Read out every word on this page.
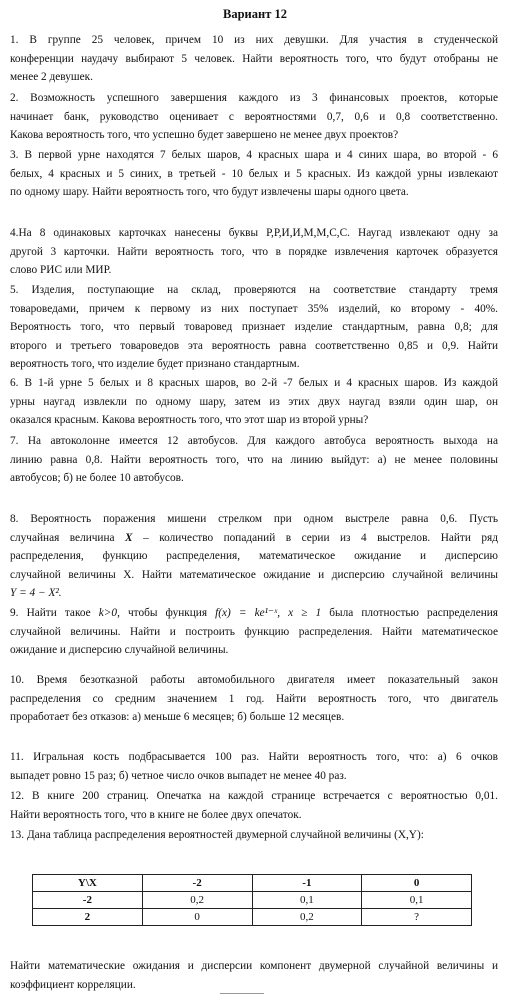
Вариант 12
1. В группе 25 человек, причем 10 из них девушки. Для участия в студенческой
конференции наудачу выбирают 5 человек. Найти вероятность того, что будут отобраны не
менее 2 девушек.
2. Возможность успешного завершения каждого из 3 финансовых проектов, которые
начинает банк, руководство оценивает с вероятностями 0,7, 0,6 и 0,8 соответственно.
Какова вероятность того, что успешно будет завершено не менее двух проектов?
3. В первой урне находятся 7 белых шаров, 4 красных шара и 4 синих шара, во второй - 6
белых, 4 красных и 5 синих, в третьей - 10 белых и 5 красных. Из каждой урны извлекают
по одному шару. Найти вероятность того, что будут извлечены шары одного цвета.
4.На 8 одинаковых карточках нанесены буквы Р,Р,И,И,М,М,С,С. Наугад извлекают одну за
другой 3 карточки. Найти вероятность того, что в порядке извлечения карточек образуется
слово РИС или МИР.
5. Изделия, поступающие на склад, проверяются на соответствие стандарту тремя
товароведами, причем к первому из них поступает 35% изделий, ко второму - 40%.
Вероятность того, что первый товаровед признает изделие стандартным, равна 0,8; для
второго и третьего товароведов эта вероятность равна соответственно 0,85 и 0,9. Найти
вероятность того, что изделие будет признано стандартным.
6. В 1-й урне 5 белых и 8 красных шаров, во 2-й -7 белых и 4 красных шаров. Из каждой
урны наугад извлекли по одному шару, затем из этих двух наугад взяли один шар, он
оказался красным. Какова вероятность того, что этот шар из второй урны?
7. На автоколонне имеется 12 автобусов. Для каждого автобуса вероятность выхода на
линию равна 0,8. Найти вероятность того, что на линию выйдут: а) не менее половины
автобусов; б) не более 10 автобусов.
8. Вероятность поражения мишени стрелком при одном выстреле равна 0,6. Пусть
случайная величина X – количество попаданий в серии из 4 выстрелов. Найти ряд
распределения, функцию распределения, математическое ожидание и дисперсию
случайной величины X. Найти математическое ожидание и дисперсию случайной величины
Y = 4 − X².
9. Найти такое k>0, чтобы функция f(x) = ke¹⁻ˣ, x ≥ 1 была плотностью распределения
случайной величины. Найти и построить функцию распределения. Найти математическое
ожидание и дисперсию случайной величины.
10. Время безотказной работы автомобильного двигателя имеет показательный закон
распределения со средним значением 1 год. Найти вероятность того, что двигатель
проработает без отказов: а) меньше 6 месяцев; б) больше 12 месяцев.
11. Игральная кость подбрасывается 100 раз. Найти вероятность того, что: а) 6 очков
выпадет ровно 15 раз; б) четное число очков выпадет не менее 40 раз.
12. В книге 200 страниц. Опечатка на каждой странице встречается с вероятностью 0,01.
Найти вероятность того, что в книге не более двух опечаток.
13. Дана таблица распределения вероятностей двумерной случайной величины (X,Y):
Y\X	-2	-1	0
-2	0,2	0,1	0,1
2	0	0,2	?
Найти математические ожидания и дисперсии компонент двумерной случайной величины и
коэффициент корреляции.
